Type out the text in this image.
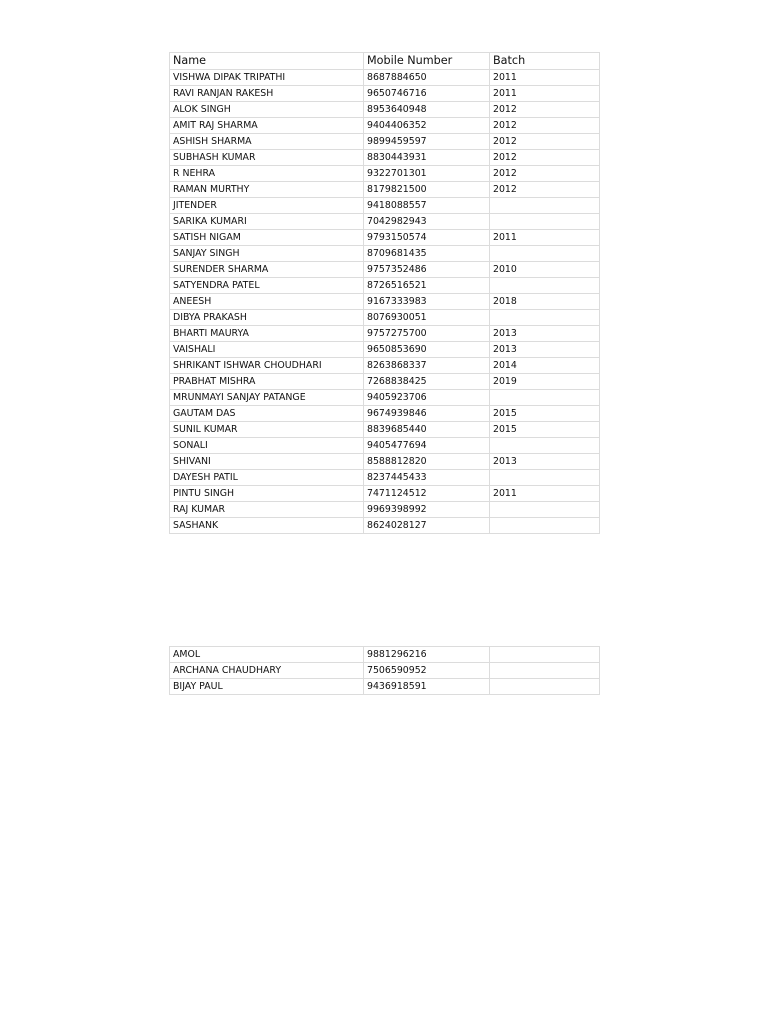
Name	Mobile Number	Batch
VISHWA DIPAK TRIPATHI	8687884650	2011
RAVI RANJAN RAKESH	9650746716	2011
ALOK SINGH	8953640948	2012
AMIT RAJ SHARMA	9404406352	2012
ASHISH SHARMA	9899459597	2012
SUBHASH KUMAR	8830443931	2012
R NEHRA	9322701301	2012
RAMAN MURTHY	8179821500	2012
JITENDER	9418088557	
SARIKA KUMARI	7042982943	
SATISH NIGAM	9793150574	2011
SANJAY SINGH	8709681435	
SURENDER SHARMA	9757352486	2010
SATYENDRA PATEL	8726516521	
ANEESH	9167333983	2018
DIBYA PRAKASH	8076930051	
BHARTI MAURYA	9757275700	2013
VAISHALI	9650853690	2013
SHRIKANT ISHWAR CHOUDHARI	8263868337	2014
PRABHAT MISHRA	7268838425	2019
MRUNMAYI SANJAY PATANGE	9405923706	
GAUTAM DAS	9674939846	2015
SUNIL KUMAR	8839685440	2015
SONALI	9405477694	
SHIVANI	8588812820	2013
DAYESH PATIL	8237445433	
PINTU SINGH	7471124512	2011
RAJ KUMAR	9969398992	
SASHANK	8624028127	
AMOL	9881296216	
ARCHANA CHAUDHARY	7506590952	
BIJAY PAUL	9436918591	
